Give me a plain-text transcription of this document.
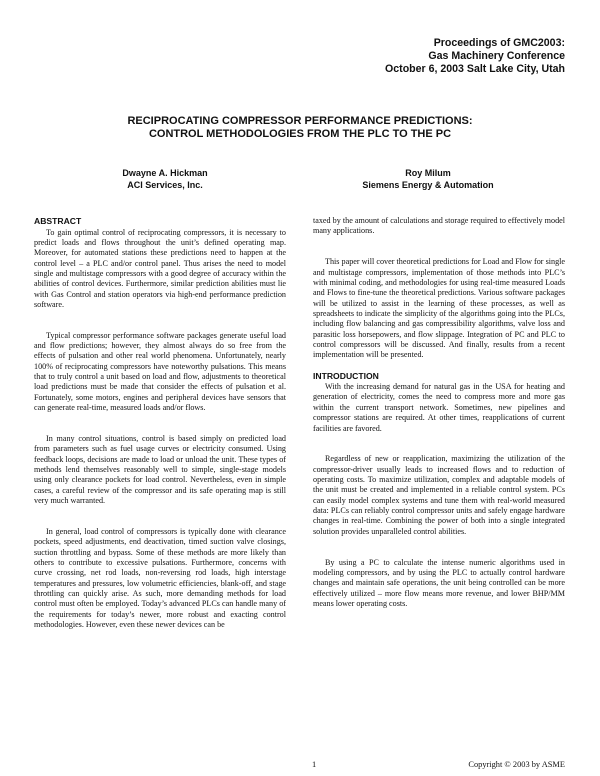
Proceedings of GMC2003:
Gas Machinery Conference
October 6, 2003 Salt Lake City, Utah
RECIPROCATING COMPRESSOR PERFORMANCE PREDICTIONS:
CONTROL METHODOLOGIES FROM THE PLC TO THE PC
Dwayne A. Hickman
ACI Services, Inc.
Roy Milum
Siemens Energy & Automation
ABSTRACT

To gain optimal control of reciprocating compressors, it is necessary to predict loads and flows throughout the unit’s defined operating map. Moreover, for automated stations these predictions need to happen at the control level – a PLC and/or control panel. Thus arises the need to model single and multistage compressors with a good degree of accuracy within the abilities of control devices. Furthermore, similar prediction abilities must lie with Gas Control and station operators via high-end performance prediction software.

Typical compressor performance software packages generate useful load and flow predictions; however, they almost always do so free from the effects of pulsation and other real world phenomena. Unfortunately, nearly 100% of reciprocating compressors have noteworthy pulsations. This means that to truly control a unit based on load and flow, adjustments to theoretical load predictions must be made that consider the effects of pulsation et al. Fortunately, some motors, engines and peripheral devices have sensors that can generate real-time, measured loads and/or flows.

In many control situations, control is based simply on predicted load from parameters such as fuel usage curves or electricity consumed. Using feedback loops, decisions are made to load or unload the unit. These types of methods lend themselves reasonably well to simple, single-stage models using only clearance pockets for load control. Nevertheless, even in simple cases, a careful review of the compressor and its safe operating map is still very much warranted.

In general, load control of compressors is typically done with clearance pockets, speed adjustments, end deactivation, timed suction valve closings, suction throttling and bypass. Some of these methods are more likely than others to contribute to excessive pulsations. Furthermore, concerns with curve crossing, net rod loads, non-reversing rod loads, high interstage temperatures and pressures, low volumetric efficiencies, blank-off, and stage throttling can quickly arise. As such, more demanding methods for load control must often be employed. Today’s advanced PLCs can handle many of the requirements for today’s newer, more robust and exacting control methodologies. However, even these newer devices can be

taxed by the amount of calculations and storage required to effectively model many applications.

This paper will cover theoretical predictions for Load and Flow for single and multistage compressors, implementation of those methods into PLC’s with minimal coding, and methodologies for using real-time measured Loads and Flows to fine-tune the theoretical predictions. Various software packages will be utilized to assist in the learning of these processes, as well as spreadsheets to indicate the simplicity of the algorithms going into the PLCs, including flow balancing and gas compressibility algorithms, valve loss and parasitic loss horsepowers, and flow slippage. Integration of PC and PLC to control compressors will be discussed. And finally, results from a recent implementation will be presented.

INTRODUCTION

With the increasing demand for natural gas in the USA for heating and generation of electricity, comes the need to compress more and more gas within the current transport network. Sometimes, new pipelines and compressor stations are required. At other times, reapplications of current facilities are favored.

Regardless of new or reapplication, maximizing the utilization of the compressor-driver usually leads to increased flows and to reduction of operating costs. To maximize utilization, complex and adaptable models of the unit must be created and implemented in a reliable control system. PCs can easily model complex systems and tune them with real-world measured data: PLCs can reliably control compressor units and safely engage hardware changes in real-time. Combining the power of both into a single integrated solution provides unparalleled control abilities.

By using a PC to calculate the intense numeric algorithms used in modeling compressors, and by using the PLC to actually control hardware changes and maintain safe operations, the unit being controlled can be more effectively utilized – more flow means more revenue, and lower BHP/MM means lower operating costs.

1	Copyright © 2003 by ASME
